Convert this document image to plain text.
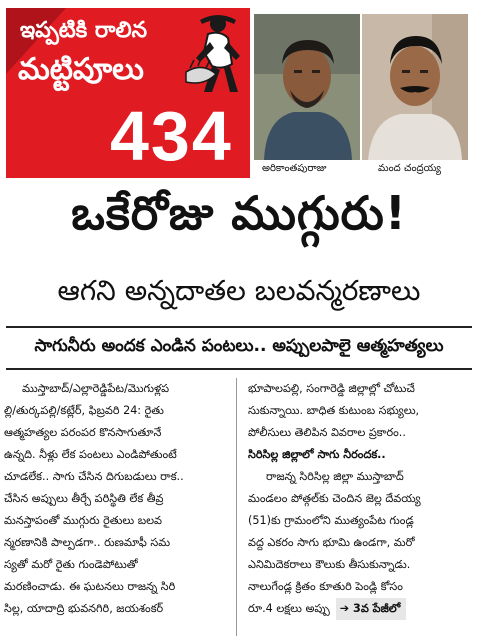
ఇప్పటికి రాలిన
మట్టిపూలు
434	అరికాంతపురాజు	మంద చంద్రయ్య
ఒకేరోజు ముగ్గురు!
ఆగని అన్నదాతల బలవన్మరణాలు
సాగునీరు అందక ఎండిన పంటలు.. అప్పులపాలై ఆత్మహత్యలు
ముస్తాబాద్/ఎల్లారెడ్డిపేట/మొగుళ్లప
ల్లి/తుర్కపల్లి/కట్లేర్, ఫిబ్రవరి 24: రైతు
ఆత్మహత్యల పరంపర కొనసాగుతూనే
ఉన్నది. నీళ్లు లేక పంటలు ఎండిపోతుంటే
చూడలేక.. సాగు చేసిన దిగుబడులు రాక..
చేసిన అప్పులు తీర్చే పరిస్థితి లేక తీవ్ర
మనస్తాపంతో ముగ్గురు రైతులు బలవ
న్మరణానికి పాల్పడగా.. రుణమాఫీ సమ
స్యతో మరో రైతు గుండెపోటుతో
మరణించాడు. ఈ ఘటనలు రాజన్న సిరి
సిల్ల, యాదాద్రి భువనగిరి, జయశంకర్
భూపాలపల్లి, సంగారెడ్డి జిల్లాల్లో చోటుచే
సుకున్నాయి. బాధిత కుటుంబ సభ్యులు,
పోలీసులు తెలిపిన వివరాల ప్రకారం..
సిరిసిల్ల జిల్లాలో సాగు నీరందక..
రాజన్న సిరిసిల్ల జిల్లా ముస్తాబాద్
మండలం పోత్గల్‌కు చెందిన జెల్ల దేవయ్య
(51)కు గ్రామంలోని ముత్యంపేట గుండ్ల
వద్ద ఎకరం సాగు భూమి ఉండగా, మరో
ఎనిమిదెకరాలు కౌలుకు తీసుకున్నాడు.
నాలుగేండ్ల క్రితం కూతురి పెండ్లి కోసం
రూ.4 లక్షలు అప్పు ➔ 3వ పేజీలో
